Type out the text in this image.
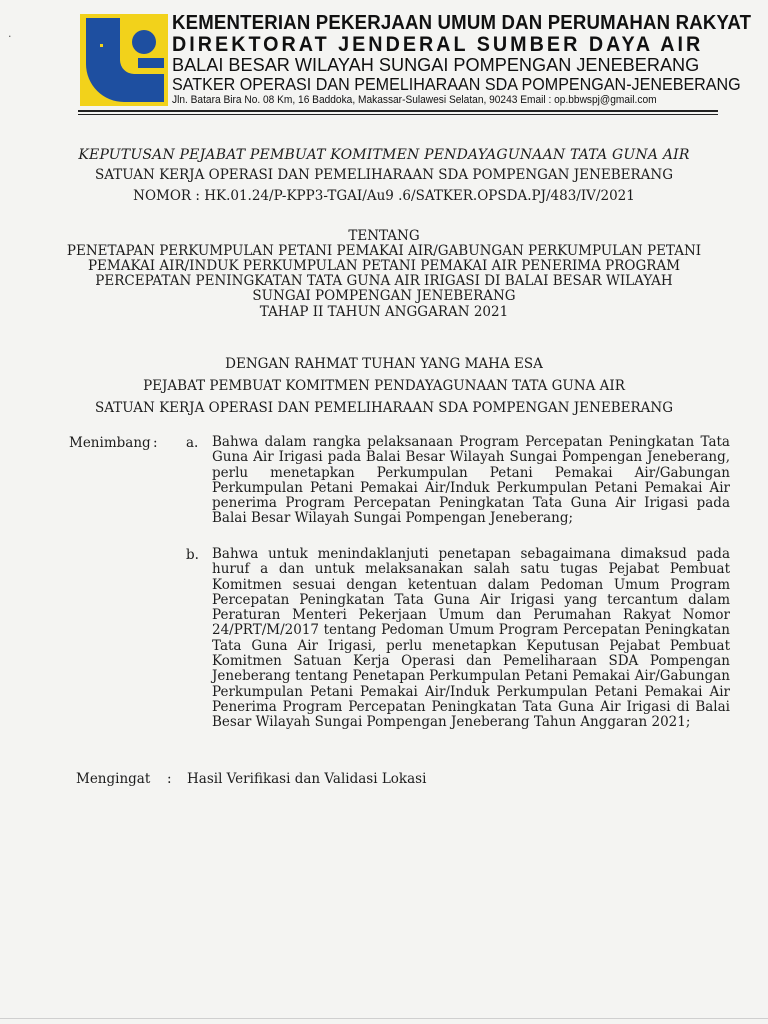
·
KEMENTERIAN PEKERJAAN UMUM DAN PERUMAHAN RAKYAT
DIREKTORAT JENDERAL SUMBER DAYA AIR
BALAI BESAR WILAYAH SUNGAI POMPENGAN JENEBERANG
SATKER OPERASI DAN PEMELIHARAAN SDA POMPENGAN-JENEBERANG
Jln. Batara Bira No. 08 Km, 16 Baddoka, Makassar-Sulawesi Selatan, 90243 Email : op.bbwspj@gmail.com
KEPUTUSAN PEJABAT PEMBUAT KOMITMEN PENDAYAGUNAAN TATA GUNA AIR
SATUAN KERJA OPERASI DAN PEMELIHARAAN SDA POMPENGAN JENEBERANG
NOMOR : HK.01.24/P-KPP3-TGAI/Au9 .6/SATKER.OPSDA.PJ/483/IV/2021
TENTANG
PENETAPAN PERKUMPULAN PETANI PEMAKAI AIR/GABUNGAN PERKUMPULAN PETANI
PEMAKAI AIR/INDUK PERKUMPULAN PETANI PEMAKAI AIR PENERIMA PROGRAM
PERCEPATAN PENINGKATAN TATA GUNA AIR IRIGASI DI BALAI BESAR WILAYAH
SUNGAI POMPENGAN JENEBERANG
TAHAP II TAHUN ANGGARAN 2021
DENGAN RAHMAT TUHAN YANG MAHA ESA
PEJABAT PEMBUAT KOMITMEN PENDAYAGUNAAN TATA GUNA AIR
SATUAN KERJA OPERASI DAN PEMELIHARAAN SDA POMPENGAN JENEBERANG
Menimbang : a. Bahwa dalam rangka pelaksanaan Program Percepatan Peningkatan Tata Guna Air Irigasi pada Balai Besar Wilayah Sungai Pompengan Jeneberang, perlu menetapkan Perkumpulan Petani Pemakai Air/Gabungan Perkumpulan Petani Pemakai Air/Induk Perkumpulan Petani Pemakai Air penerima Program Percepatan Peningkatan Tata Guna Air Irigasi pada Balai Besar Wilayah Sungai Pompengan Jeneberang;
b. Bahwa untuk menindaklanjuti penetapan sebagaimana dimaksud pada huruf a dan untuk melaksanakan salah satu tugas Pejabat Pembuat Komitmen sesuai dengan ketentuan dalam Pedoman Umum Program Percepatan Peningkatan Tata Guna Air Irigasi yang tercantum dalam Peraturan Menteri Pekerjaan Umum dan Perumahan Rakyat Nomor 24/PRT/M/2017 tentang Pedoman Umum Program Percepatan Peningkatan Tata Guna Air Irigasi, perlu menetapkan Keputusan Pejabat Pembuat Komitmen Satuan Kerja Operasi dan Pemeliharaan SDA Pompengan Jeneberang tentang Penetapan Perkumpulan Petani Pemakai Air/Gabungan Perkumpulan Petani Pemakai Air/Induk Perkumpulan Petani Pemakai Air Penerima Program Percepatan Peningkatan Tata Guna Air Irigasi di Balai Besar Wilayah Sungai Pompengan Jeneberang Tahun Anggaran 2021;
Mengingat : Hasil Verifikasi dan Validasi Lokasi
